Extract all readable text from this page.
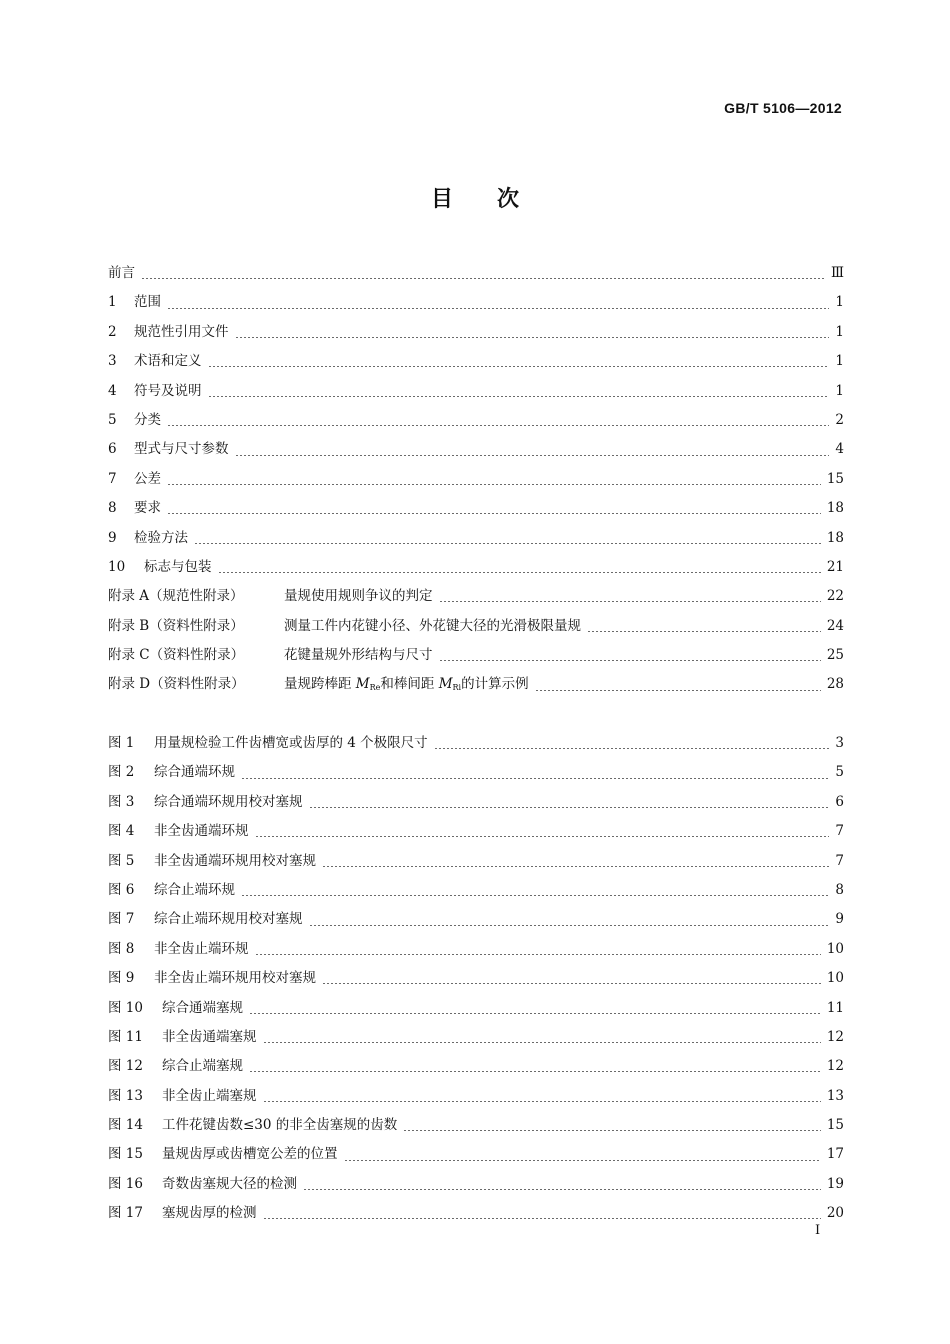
GB/T 5106—2012
目次
前言	Ⅲ
1	范围	1
2	规范性引用文件	1
3	术语和定义	1
4	符号及说明	1
5	分类	2
6	型式与尺寸参数	4
7	公差	15
8	要求	18
9	检验方法	18
10	标志与包装	21
附录 A（规范性附录）	量规使用规则争议的判定	22
附录 B（资料性附录）	测量工件内花键小径、外花键大径的光滑极限量规	24
附录 C（资料性附录）	花键量规外形结构与尺寸	25
附录 D（资料性附录）	量规跨棒距 $M_{Re}$和棒间距 $M_{Ri}$的计算示例	28
图 1	用量规检验工件齿槽宽或齿厚的 4 个极限尺寸	3
图 2	综合通端环规	5
图 3	综合通端环规用校对塞规	6
图 4	非全齿通端环规	7
图 5	非全齿通端环规用校对塞规	7
图 6	综合止端环规	8
图 7	综合止端环规用校对塞规	9
图 8	非全齿止端环规	10
图 9	非全齿止端环规用校对塞规	10
图 10	综合通端塞规	11
图 11	非全齿通端塞规	12
图 12	综合止端塞规	12
图 13	非全齿止端塞规	13
图 14	工件花键齿数≤30 的非全齿塞规的齿数	15
图 15	量规齿厚或齿槽宽公差的位置	17
图 16	奇数齿塞规大径的检测	19
图 17	塞规齿厚的检测	20
I
